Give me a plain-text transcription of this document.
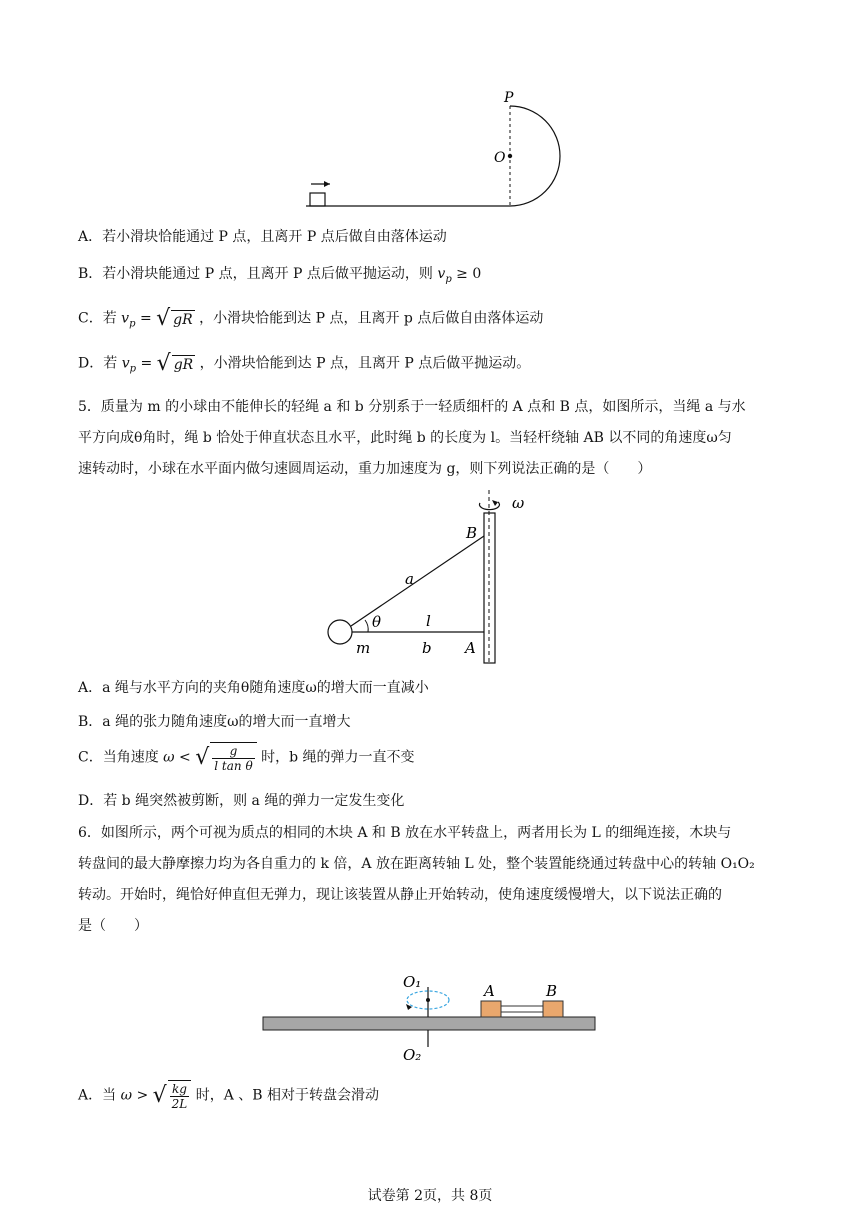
P
O
A．若小滑块恰能通过 P 点，且离开 P 点后做自由落体运动
B．若小滑块能通过 P 点，且离开 P 点后做平抛运动，则 $v_p \ge 0$
C．若 $v_p$ = √ gR ，小滑块恰能到达 P 点，且离开 p 点后做自由落体运动
D．若 $v_p$ = √ gR ，小滑块恰能到达 P 点，且离开 P 点后做平抛运动。
5．质量为 m 的小球由不能伸长的轻绳 a 和 b 分别系于一轻质细杆的 A 点和 B 点，如图所示，当绳 a 与水
平方向成θ角时，绳 b 恰处于伸直状态且水平，此时绳 b 的长度为 l。当轻杆绕轴 AB 以不同的角速度ω匀
速转动时，小球在水平面内做匀速圆周运动，重力加速度为 g，则下列说法正确的是（　　）
ω
B
a
θ	l
m	b A
A．a 绳与水平方向的夹角θ随角速度ω的增大而一直减小
B．a 绳的张力随角速度ω的增大而一直增大
C．当角速度 ω < √ $\frac{g}{\text{l tan θ}}$ 时，b 绳的弹力一直不变
D．若 b 绳突然被剪断，则 a 绳的弹力一定发生变化
6．如图所示，两个可视为质点的相同的木块 A 和 B 放在水平转盘上，两者用长为 L 的细绳连接，木块与
转盘间的最大静摩擦力均为各自重力的 k 倍，A 放在距离转轴 L 处，整个装置能绕通过转盘中心的转轴 O₁O₂
转动。开始时，绳恰好伸直但无弹力，现让该装置从静止开始转动，使角速度缓慢增大，以下说法正确的
是（　　）
O₁	A	B
O₂
A．当 ω > √ $\frac{kg}{2L}$ 时，A 、B 相对于转盘会滑动
试卷第 2页，共 8页
